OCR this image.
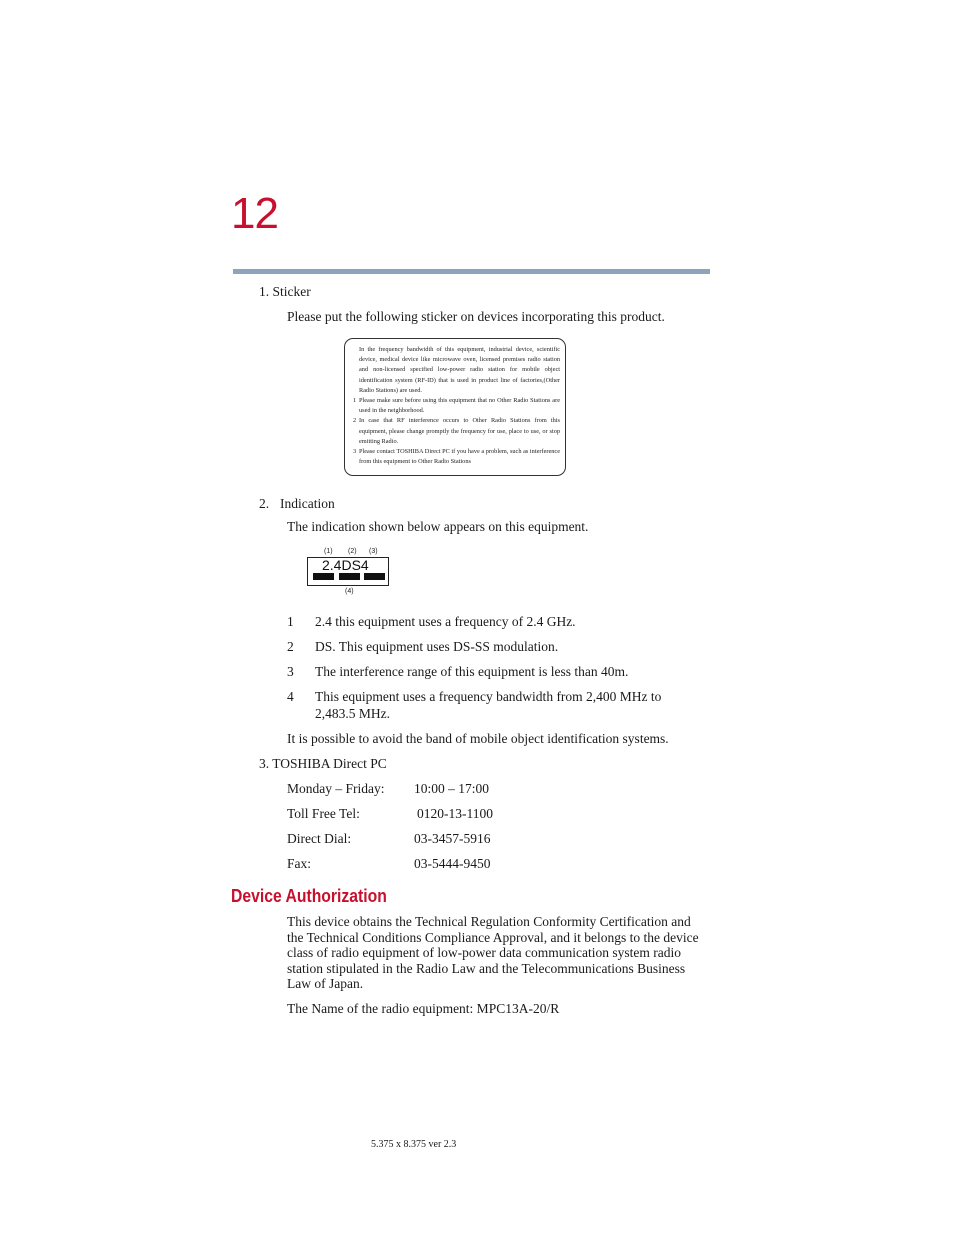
12
1. Sticker
Please put the following sticker on devices incorporating this product.

In the frequency bandwidth of this equipment, industrial device, scientific device, medical device like microwave oven, licensed premises radio station and non-licensed specified low-power radio station for mobile object identification system (RF-ID) that is used in product line of factories,(Other Radio Stations) are used.

1 Please make sure before using this equipment that no Other Radio Stations are used in the neighborhood.

2 In case that RF interference occurs to Other Radio Stations from this equipment, please change promptly the frequency for use, place to use, or stop emitting Radio.

3 Please contact TOSHIBA Direct PC if you have a problem, such as interference from this equipment to Other Radio Stations

2. Indication
The indication shown below appears on this equipment.
(1) (2) (3)
2.4DS4
(4)
1 2.4 this equipment uses a frequency of 2.4 GHz.
2 DS. This equipment uses DS-SS modulation.
3 The interference range of this equipment is less than 40m.
4 This equipment uses a frequency bandwidth from 2,400 MHz to
2,483.5 MHz.
It is possible to avoid the band of mobile object identification systems.
3. TOSHIBA Direct PC
Monday – Friday: 10:00 – 17:00
Toll Free Tel:	0120-13-1100
Direct Dial:	03-3457-5916
Fax:	03-5444-9450
Device Authorization
This device obtains the Technical Regulation Conformity Certification and the Technical Conditions Compliance Approval, and it belongs to the device class of radio equipment of low-power data communication system radio station stipulated in the Radio Law and the Telecommunications Business Law of Japan.
The Name of the radio equipment: MPC13A-20/R
5.375 x 8.375 ver 2.3
